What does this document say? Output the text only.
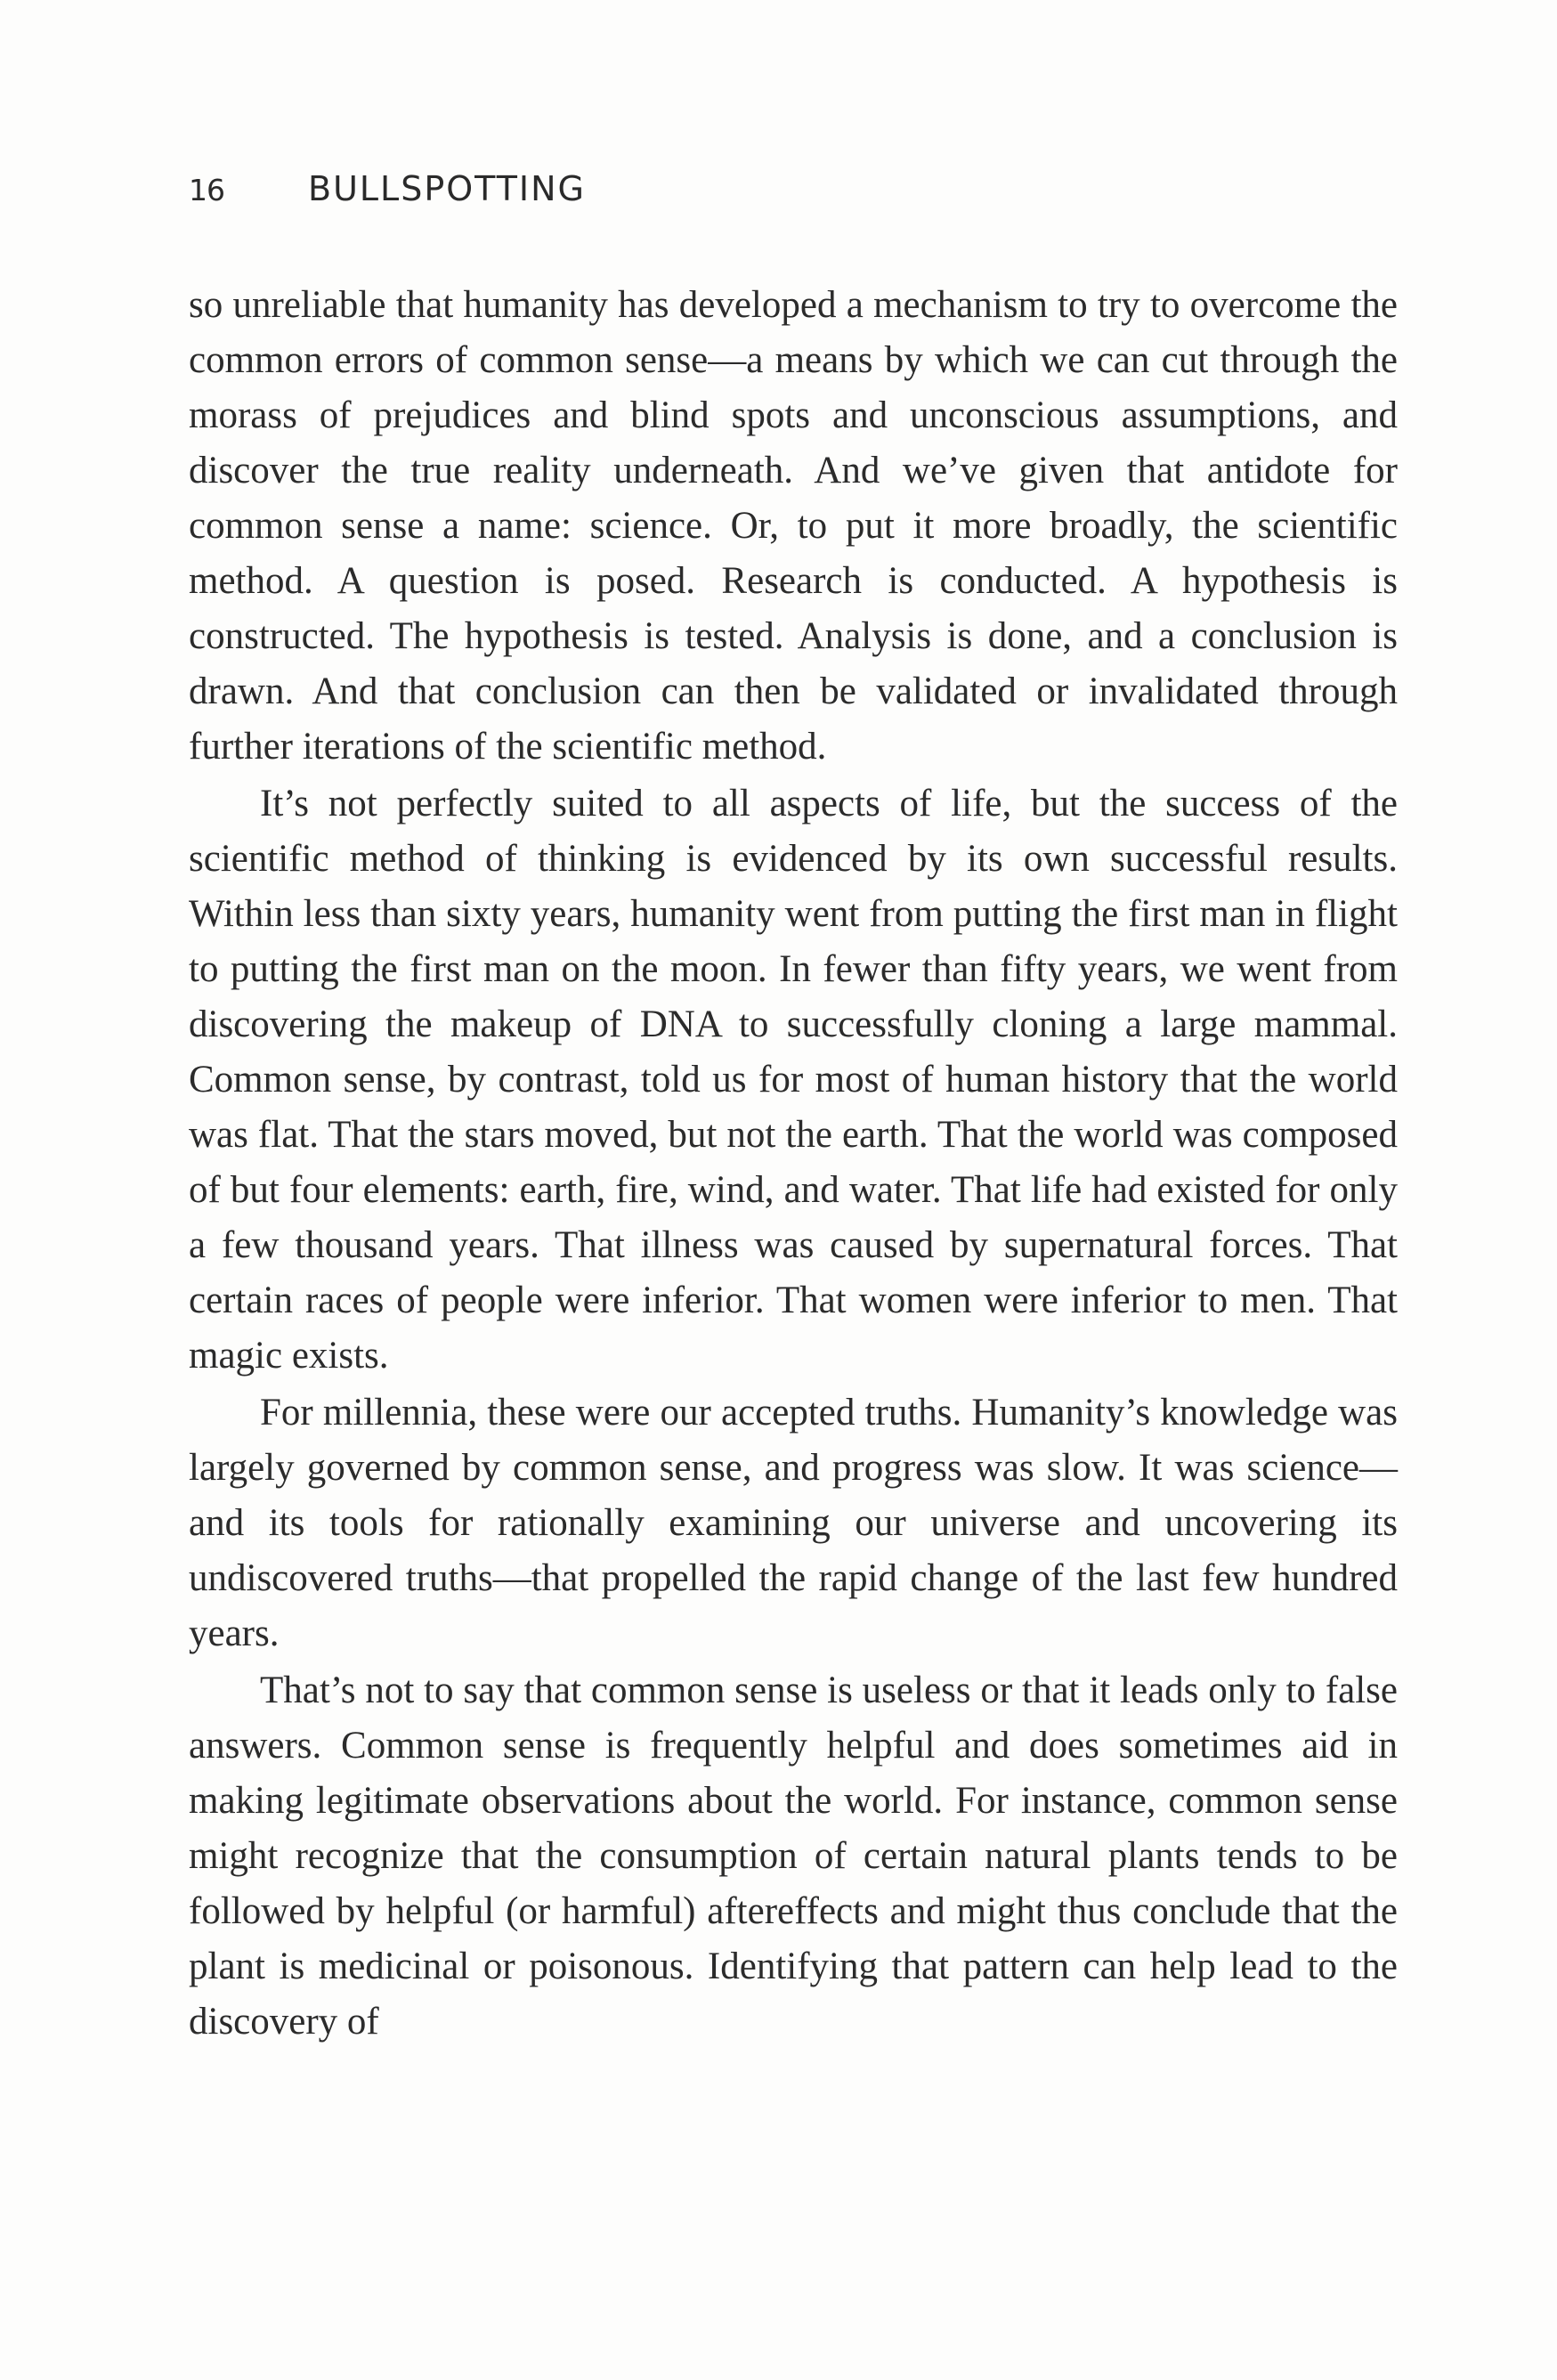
16	BULLSPOTTING

so unreliable that humanity has developed a mechanism to try to overcome the common errors of common sense—a means by which we can cut through the morass of prejudices and blind spots and unconscious assumptions, and discover the true reality underneath. And we’ve given that antidote for common sense a name: science. Or, to put it more broadly, the scientific method. A question is posed. Research is conducted. A hypothesis is constructed. The hypothesis is tested. Analysis is done, and a conclusion is drawn. And that conclusion can then be validated or invalidated through further iterations of the scientific method.

It’s not perfectly suited to all aspects of life, but the success of the scientific method of thinking is evidenced by its own successful results. Within less than sixty years, humanity went from putting the first man in flight to putting the first man on the moon. In fewer than fifty years, we went from discovering the makeup of DNA to successfully cloning a large mammal. Common sense, by contrast, told us for most of human history that the world was flat. That the stars moved, but not the earth. That the world was composed of but four elements: earth, fire, wind, and water. That life had existed for only a few thousand years. That illness was caused by supernatural forces. That certain races of people were inferior. That women were inferior to men. That magic exists.

For millennia, these were our accepted truths. Humanity’s knowledge was largely governed by common sense, and progress was slow. It was science—and its tools for rationally examining our universe and uncovering its undiscovered truths—that propelled the rapid change of the last few hundred years.

That’s not to say that common sense is useless or that it leads only to false answers. Common sense is frequently helpful and does sometimes aid in making legitimate observations about the world. For instance, common sense might recognize that the consumption of certain natural plants tends to be followed by helpful (or harmful) aftereffects and might thus conclude that the plant is medicinal or poisonous. Identifying that pattern can help lead to the discovery of
